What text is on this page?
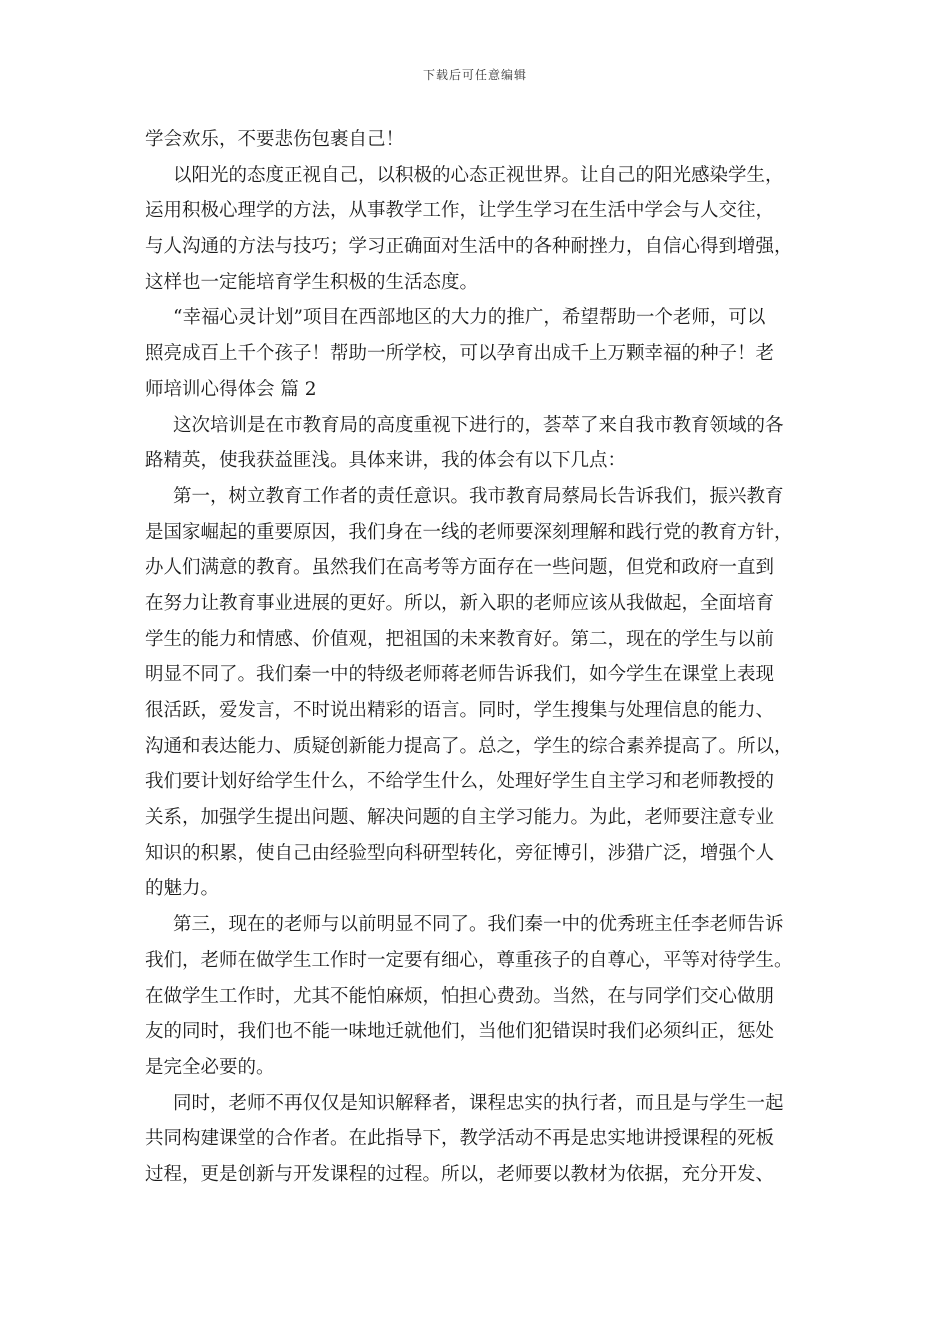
下载后可任意编辑
学会欢乐，不要悲伤包裹自己！
以阳光的态度正视自己，以积极的心态正视世界。让自己的阳光感染学生，
运用积极心理学的方法，从事教学工作，让学生学习在生活中学会与人交往，
与人沟通的方法与技巧；学习正确面对生活中的各种耐挫力，自信心得到增强，
这样也一定能培育学生积极的生活态度。
“幸福心灵计划”项目在西部地区的大力的推广，希望帮助一个老师，可以
照亮成百上千个孩子！帮助一所学校，可以孕育出成千上万颗幸福的种子！老
师培训心得体会 篇 2
这次培训是在市教育局的高度重视下进行的，荟萃了来自我市教育领域的各
路精英，使我获益匪浅。具体来讲，我的体会有以下几点：
第一，树立教育工作者的责任意识。我市教育局蔡局长告诉我们，振兴教育
是国家崛起的重要原因，我们身在一线的老师要深刻理解和践行党的教育方针，
办人们满意的教育。虽然我们在高考等方面存在一些问题，但党和政府一直到
在努力让教育事业进展的更好。所以，新入职的老师应该从我做起，全面培育
学生的能力和情感、价值观，把祖国的未来教育好。第二，现在的学生与以前
明显不同了。我们秦一中的特级老师蒋老师告诉我们，如今学生在课堂上表现
很活跃，爱发言，不时说出精彩的语言。同时，学生搜集与处理信息的能力、
沟通和表达能力、质疑创新能力提高了。总之，学生的综合素养提高了。所以，
我们要计划好给学生什么，不给学生什么，处理好学生自主学习和老师教授的
关系，加强学生提出问题、解决问题的自主学习能力。为此，老师要注意专业
知识的积累，使自己由经验型向科研型转化，旁征博引，涉猎广泛，增强个人
的魅力。
第三，现在的老师与以前明显不同了。我们秦一中的优秀班主任李老师告诉
我们，老师在做学生工作时一定要有细心，尊重孩子的自尊心，平等对待学生。
在做学生工作时，尤其不能怕麻烦，怕担心费劲。当然，在与同学们交心做朋
友的同时，我们也不能一味地迁就他们，当他们犯错误时我们必须纠正，惩处
是完全必要的。
同时，老师不再仅仅是知识解释者，课程忠实的执行者，而且是与学生一起
共同构建课堂的合作者。在此指导下，教学活动不再是忠实地讲授课程的死板
过程，更是创新与开发课程的过程。所以，老师要以教材为依据，充分开发、
